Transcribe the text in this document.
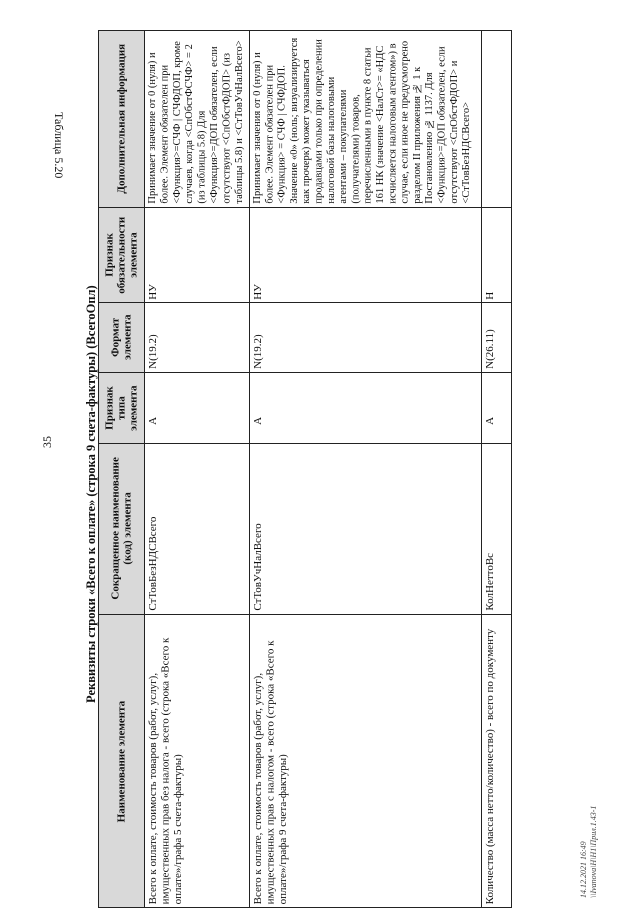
35
Таблица 5.20
Реквизиты строки «Всего к оплате» (строка 9 счета-фактуры) (ВсегоОпл)
14.12.2021 16:49 \\Ivanova\Н\Н1\Прил.1.43-1
Дополнительная информация
Признак обязательности элемента
Формат элемента
Признак типа элемента
Сокращенное наименование (код) элемента
Наименование элемента
Принимает значение от 0 (нуля) и более. Элемент обязателен при <Функция>=СЧФ | СЧФДОП, кроме случаев, когда <СпОбстФСЧФ> = 2 (из таблицы 5.8) Для <Функция>=ДОП обязателен, если отсутствуют <СпОбстФДОП> (из таблицы 5.8) и <СтТовУчНалВсего>
НУ
N(19.2)
А
СтТовБезНДСВсего
Всего к оплате, стоимость товаров (работ, услуг), имущественных прав без налога - всего (строка «Всего к оплате»/графа 5 счета-фактуры)
Принимает значения от 0 (нуля) и более. Элемент обязателен при <Функция> = СЧФ | СЧФДОП. Значение «0» (ноль; визуализируется как прочерк) может указываться продавцами только при определении налоговой базы налоговыми агентами – покупателями (получателями) товаров, перечисленными в пункте 8 статьи 161 НК (значение <НалСт>= «НДС исчисляется налоговым агентом») в случае, если иное не предусмотрено разделом II приложения № 1 к Постановлению № 1137. Для <Функция>=ДОП обязателен, если отсутствуют <СпОбстФДОП> и <СтТовБезНДСВсего>
НУ
N(19.2)
А
СтТовУчНалВсего
Всего к оплате, стоимость товаров (работ, услуг), имущественных прав с налогом - всего (строка «Всего к оплате»/графа 9 счета-фактуры)
Н
N(26.11)
А
КолНеттоВс
Количество (масса нетто/количество) - всего по документу
